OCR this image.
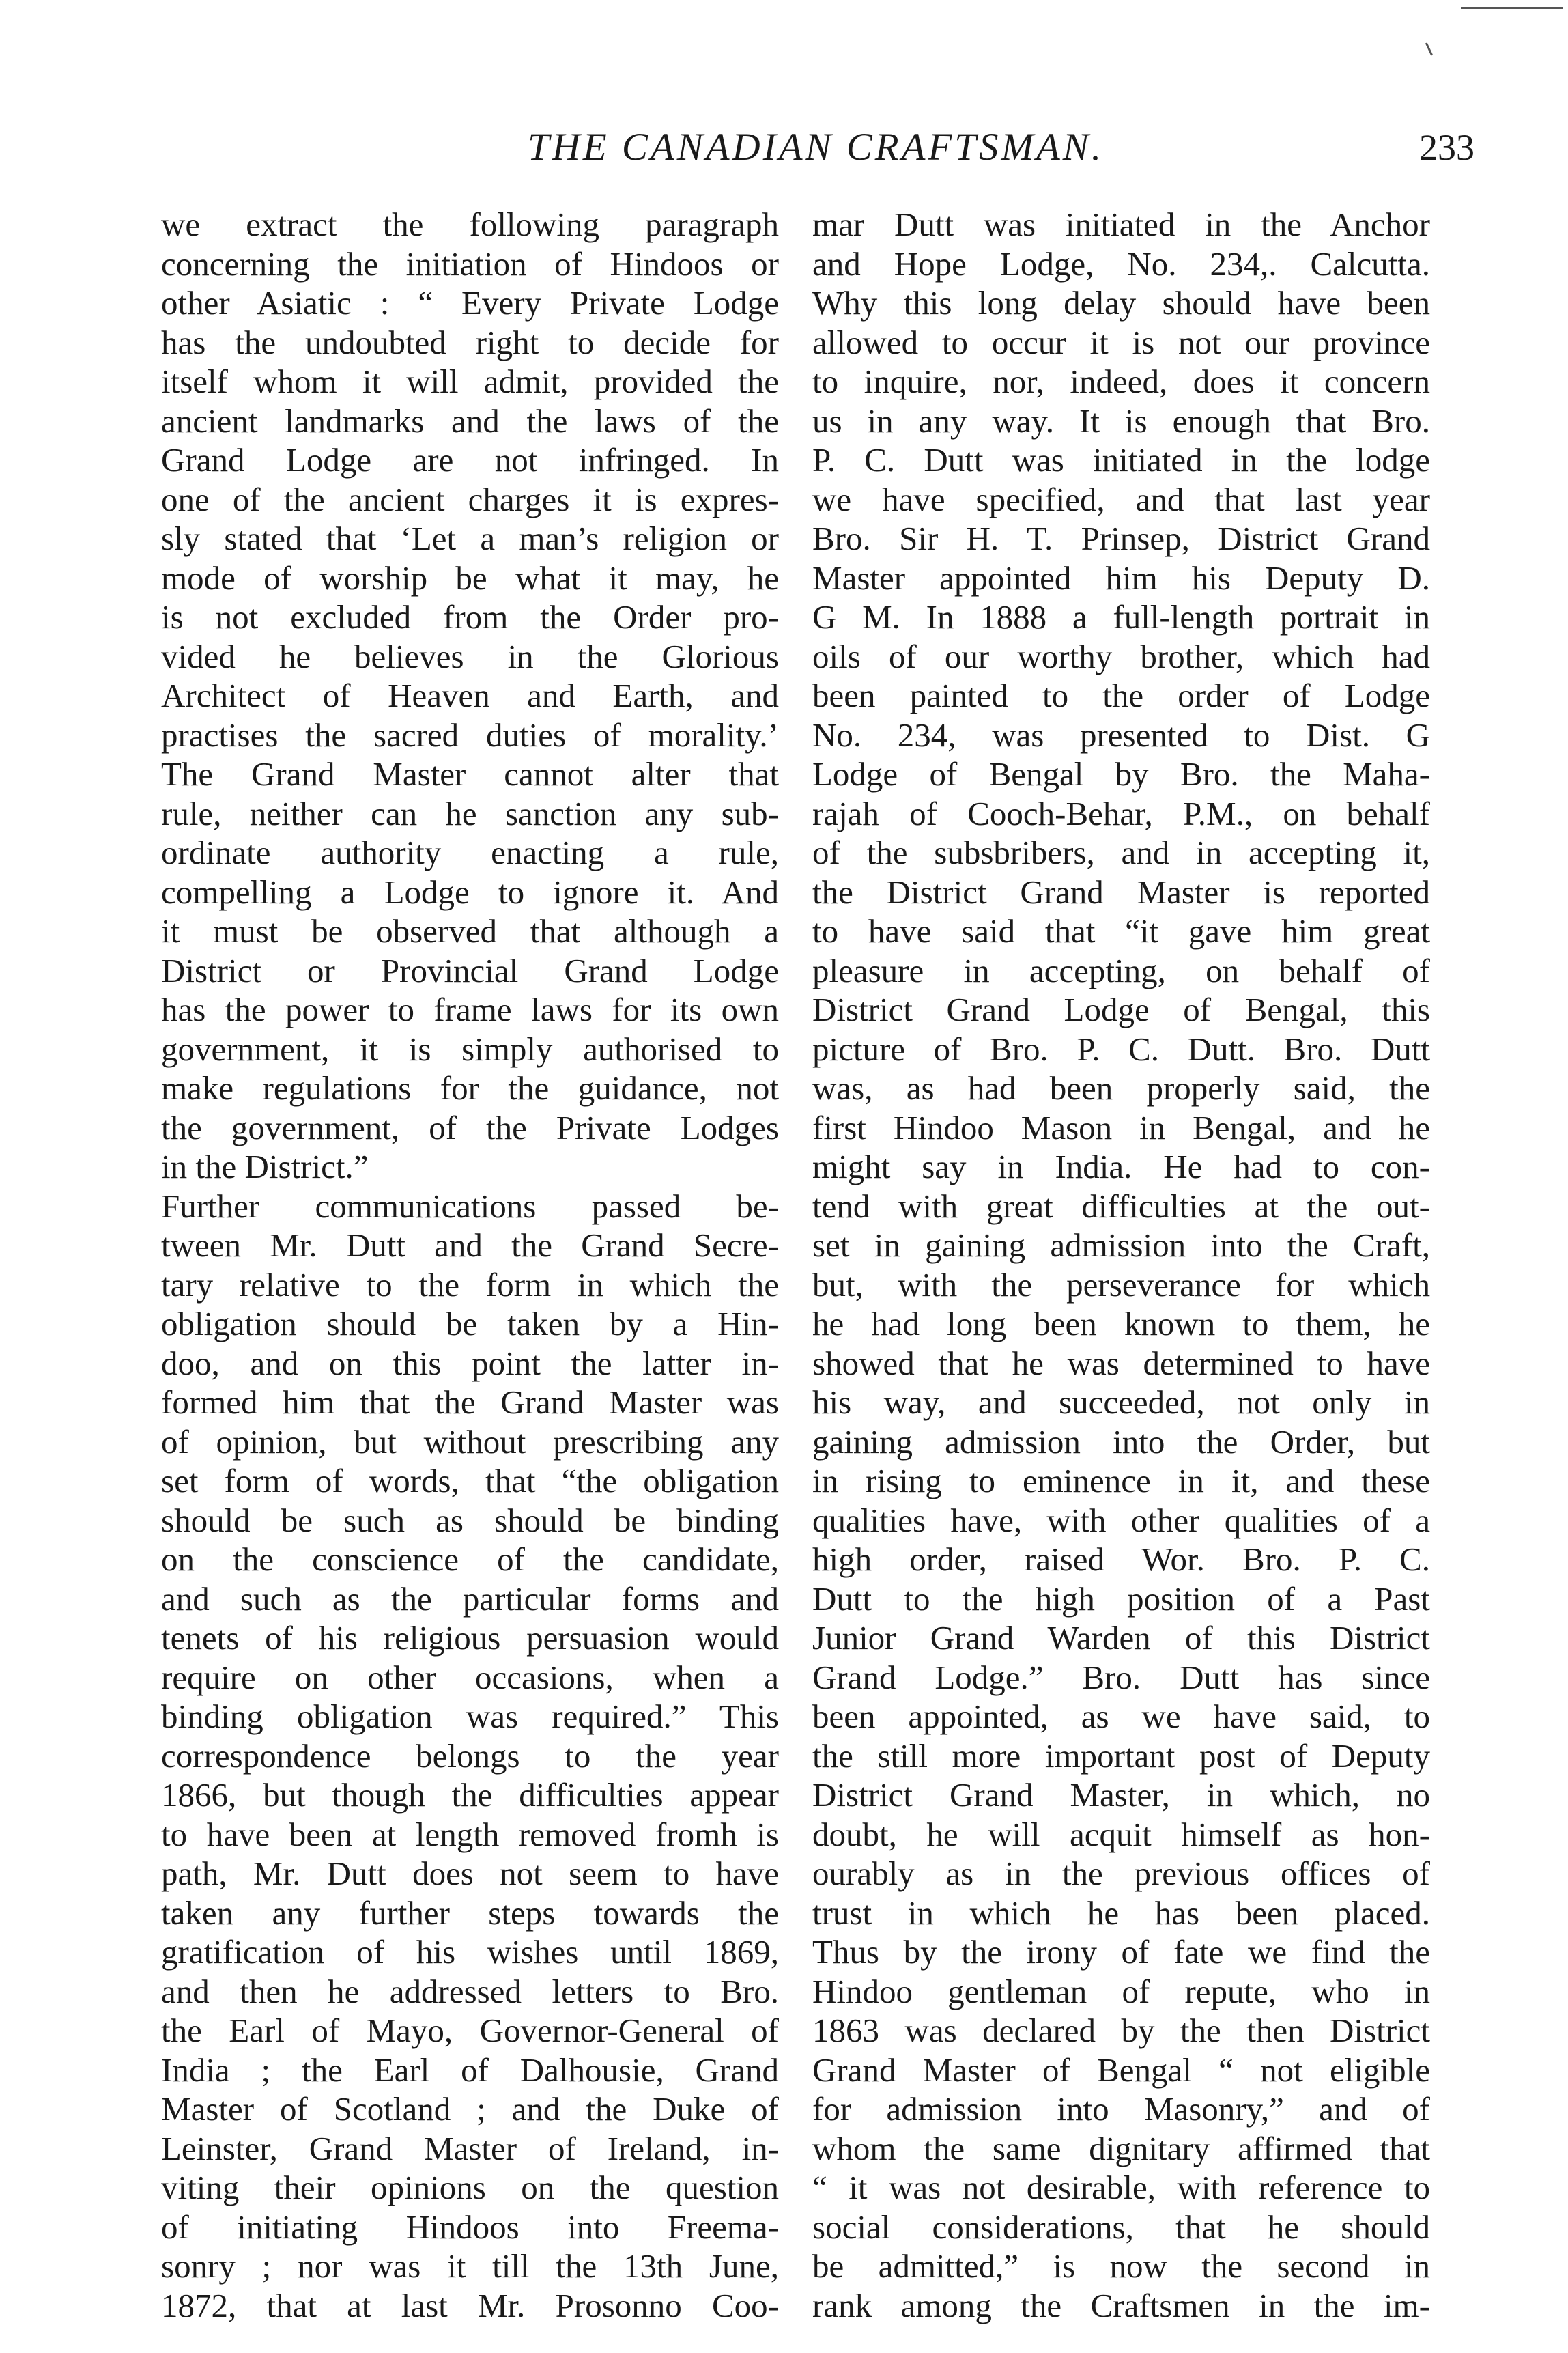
THE CANADIAN CRAFTSMAN.	233
we extract the following paragraph
concerning the initiation of Hindoos or
other Asiatic : “ Every Private Lodge
has the undoubted right to decide for
itself whom it will admit, provided the
ancient landmarks and the laws of the
Grand Lodge are not infringed. In
one of the ancient charges it is expres-
sly stated that ‘Let a man’s religion or
mode of worship be what it may, he
is not excluded from the Order pro-
vided he believes in the Glorious
Architect of Heaven and Earth, and
practises the sacred duties of morality.’
The Grand Master cannot alter that
rule, neither can he sanction any sub-
ordinate authority enacting a rule,
compelling a Lodge to ignore it. And
it must be observed that although a
District or Provincial Grand Lodge
has the power to frame laws for its own
government, it is simply authorised to
make regulations for the guidance, not
the government, of the Private Lodges
in the District.”
Further communications passed be-
tween Mr. Dutt and the Grand Secre-
tary relative to the form in which the
obligation should be taken by a Hin-
doo, and on this point the latter in-
formed him that the Grand Master was
of opinion, but without prescribing any
set form of words, that “the obligation
should be such as should be binding
on the conscience of the candidate,
and such as the particular forms and
tenets of his religious persuasion would
require on other occasions, when a
binding obligation was required.” This
correspondence belongs to the year
1866, but though the difficulties appear
to have been at length removed fromh is
path, Mr. Dutt does not seem to have
taken any further steps towards the
gratification of his wishes until 1869,
and then he addressed letters to Bro.
the Earl of Mayo, Governor-General of
India ; the Earl of Dalhousie, Grand
Master of Scotland ; and the Duke of
Leinster, Grand Master of Ireland, in-
viting their opinions on the question
of initiating Hindoos into Freema-
sonry ; nor was it till the 13th June,
1872, that at last Mr. Prosonno Coo-
mar Dutt was initiated in the Anchor
and Hope Lodge, No. 234,. Calcutta.
Why this long delay should have been
allowed to occur it is not our province
to inquire, nor, indeed, does it concern
us in any way. It is enough that Bro.
P. C. Dutt was initiated in the lodge
we have specified, and that last year
Bro. Sir H. T. Prinsep, District Grand
Master appointed him his Deputy D.
G M. In 1888 a full-length portrait in
oils of our worthy brother, which had
been painted to the order of Lodge
No. 234, was presented to Dist. G
Lodge of Bengal by Bro. the Maha-
rajah of Cooch-Behar, P.M., on behalf
of the subsbribers, and in accepting it,
the District Grand Master is reported
to have said that “it gave him great
pleasure in accepting, on behalf of
District Grand Lodge of Bengal, this
picture of Bro. P. C. Dutt. Bro. Dutt
was, as had been properly said, the
first Hindoo Mason in Bengal, and he
might say in India. He had to con-
tend with great difficulties at the out-
set in gaining admission into the Craft,
but, with the perseverance for which
he had long been known to them, he
showed that he was determined to have
his way, and succeeded, not only in
gaining admission into the Order, but
in rising to eminence in it, and these
qualities have, with other qualities of a
high order, raised Wor. Bro. P. C.
Dutt to the high position of a Past
Junior Grand Warden of this District
Grand Lodge.” Bro. Dutt has since
been appointed, as we have said, to
the still more important post of Deputy
District Grand Master, in which, no
doubt, he will acquit himself as hon-
ourably as in the previous offices of
trust in which he has been placed.
Thus by the irony of fate we find the
Hindoo gentleman of repute, who in
1863 was declared by the then District
Grand Master of Bengal “ not eligible
for admission into Masonry,” and of
whom the same dignitary affirmed that
“ it was not desirable, with reference to
social considerations, that he should
be admitted,” is now the second in
rank among the Craftsmen in the im-
